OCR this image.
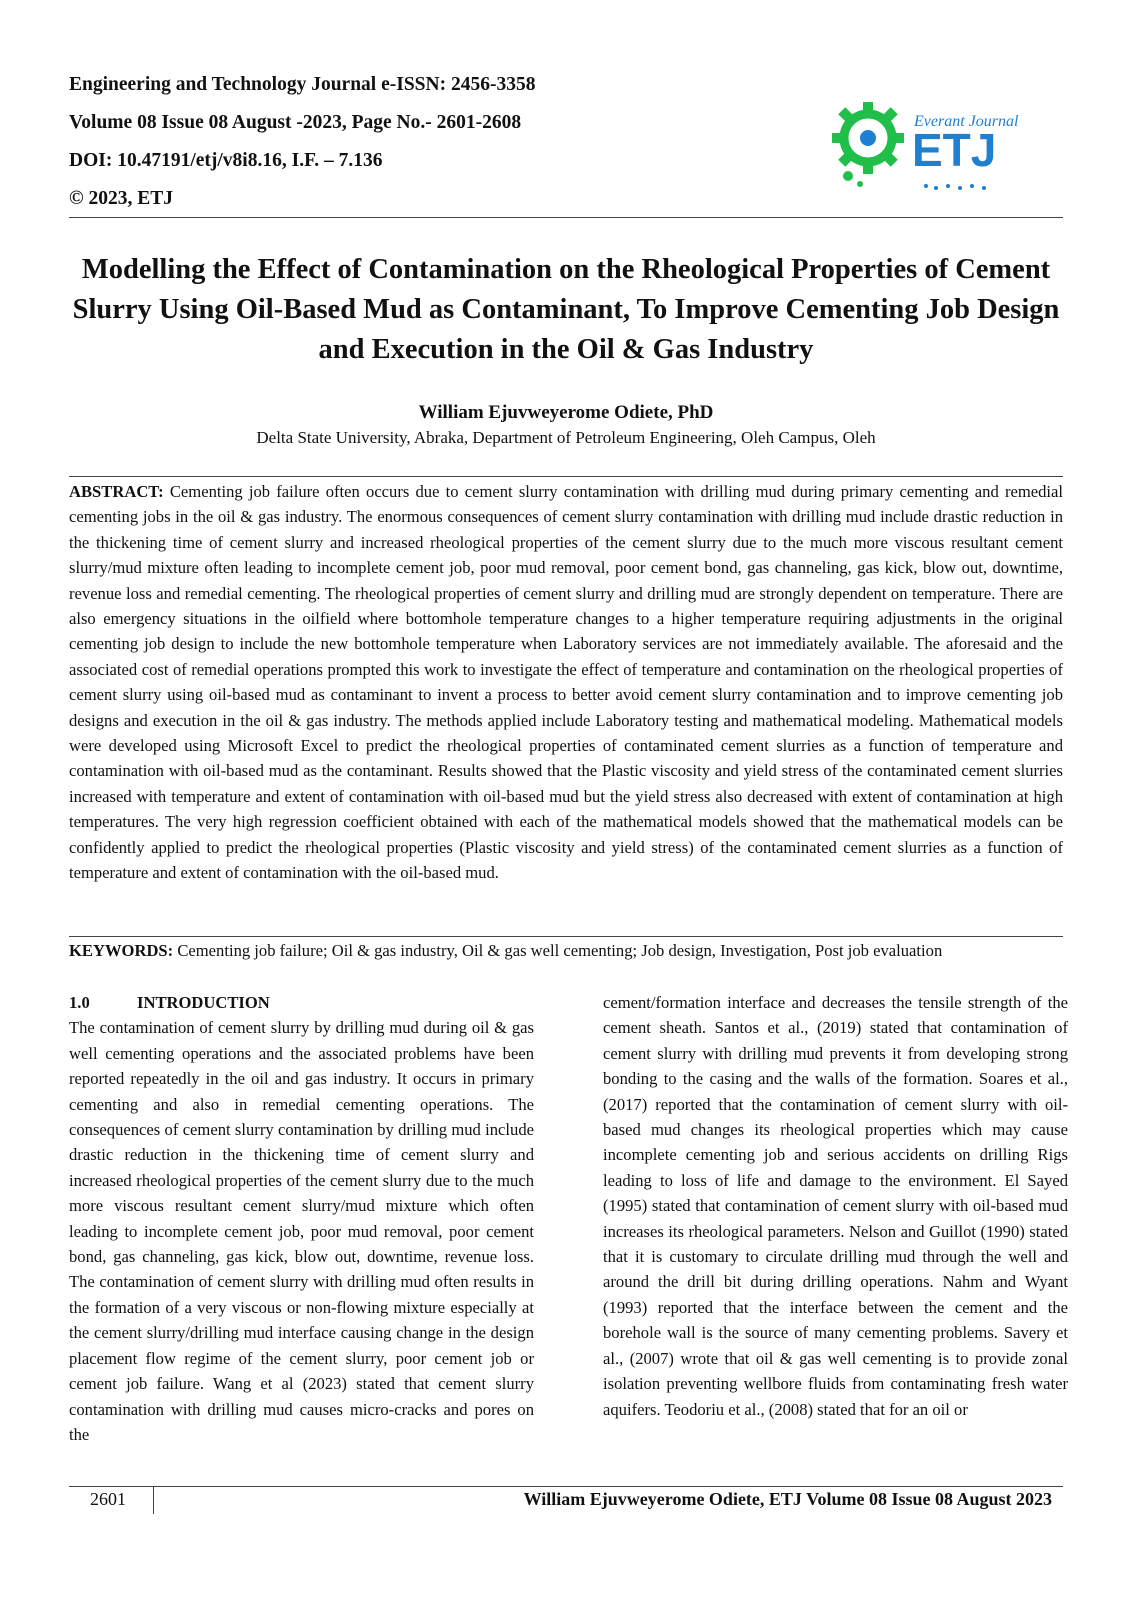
Engineering and Technology Journal e-ISSN: 2456-3358
Volume 08 Issue 08 August -2023, Page No.- 2601-2608
DOI: 10.47191/etj/v8i8.16, I.F. – 7.136
© 2023, ETJ
Everant Journal
ETJ
Modelling the Effect of Contamination on the Rheological Properties of Cement Slurry Using Oil-Based Mud as Contaminant, To Improve Cementing Job Design and Execution in the Oil & Gas Industry
William Ejuvweyerome Odiete, PhD
Delta State University, Abraka, Department of Petroleum Engineering, Oleh Campus, Oleh

ABSTRACT: Cementing job failure often occurs due to cement slurry contamination with drilling mud during primary cementing and remedial cementing jobs in the oil & gas industry. The enormous consequences of cement slurry contamination with drilling mud include drastic reduction in the thickening time of cement slurry and increased rheological properties of the cement slurry due to the much more viscous resultant cement slurry/mud mixture often leading to incomplete cement job, poor mud removal, poor cement bond, gas channeling, gas kick, blow out, downtime, revenue loss and remedial cementing. The rheological properties of cement slurry and drilling mud are strongly dependent on temperature. There are also emergency situations in the oilfield where bottomhole temperature changes to a higher temperature requiring adjustments in the original cementing job design to include the new bottomhole temperature when Laboratory services are not immediately available. The aforesaid and the associated cost of remedial operations prompted this work to investigate the effect of temperature and contamination on the rheological properties of cement slurry using oil-based mud as contaminant to invent a process to better avoid cement slurry contamination and to improve cementing job designs and execution in the oil & gas industry. The methods applied include Laboratory testing and mathematical modeling. Mathematical models were developed using Microsoft Excel to predict the rheological properties of contaminated cement slurries as a function of temperature and contamination with oil-based mud as the contaminant. Results showed that the Plastic viscosity and yield stress of the contaminated cement slurries increased with temperature and extent of contamination with oil-based mud but the yield stress also decreased with extent of contamination at high temperatures. The very high regression coefficient obtained with each of the mathematical models showed that the mathematical models can be confidently applied to predict the rheological properties (Plastic viscosity and yield stress) of the contaminated cement slurries as a function of temperature and extent of contamination with the oil-based mud.

KEYWORDS: Cementing job failure; Oil & gas industry, Oil & gas well cementing; Job design, Investigation, Post job evaluation

1.0	INTRODUCTION

The contamination of cement slurry by drilling mud during oil & gas well cementing operations and the associated problems have been reported repeatedly in the oil and gas industry. It occurs in primary cementing and also in remedial cementing operations. The consequences of cement slurry contamination by drilling mud include drastic reduction in the thickening time of cement slurry and increased rheological properties of the cement slurry due to the much more viscous resultant cement slurry/mud mixture which often leading to incomplete cement job, poor mud removal, poor cement bond, gas channeling, gas kick, blow out, downtime, revenue loss. The contamination of cement slurry with drilling mud often results in the formation of a very viscous or non-flowing mixture especially at the cement slurry/drilling mud interface causing change in the design placement flow regime of the cement slurry, poor cement job or cement job failure. Wang et al (2023) stated that cement slurry contamination with drilling mud causes micro-cracks and pores on the

cement/formation interface and decreases the tensile strength of the cement sheath. Santos et al., (2019) stated that contamination of cement slurry with drilling mud prevents it from developing strong bonding to the casing and the walls of the formation. Soares et al., (2017) reported that the contamination of cement slurry with oil-based mud changes its rheological properties which may cause incomplete cementing job and serious accidents on drilling Rigs leading to loss of life and damage to the environment. El Sayed (1995) stated that contamination of cement slurry with oil-based mud increases its rheological parameters. Nelson and Guillot (1990) stated that it is customary to circulate drilling mud through the well and around the drill bit during drilling operations. Nahm and Wyant (1993) reported that the interface between the cement and the borehole wall is the source of many cementing problems. Savery et al., (2007) wrote that oil & gas well cementing is to provide zonal isolation preventing wellbore fluids from contaminating fresh water aquifers. Teodoriu et al., (2008) stated that for an oil or

2601	William Ejuvweyerome Odiete, ETJ Volume 08 Issue 08 August 2023
